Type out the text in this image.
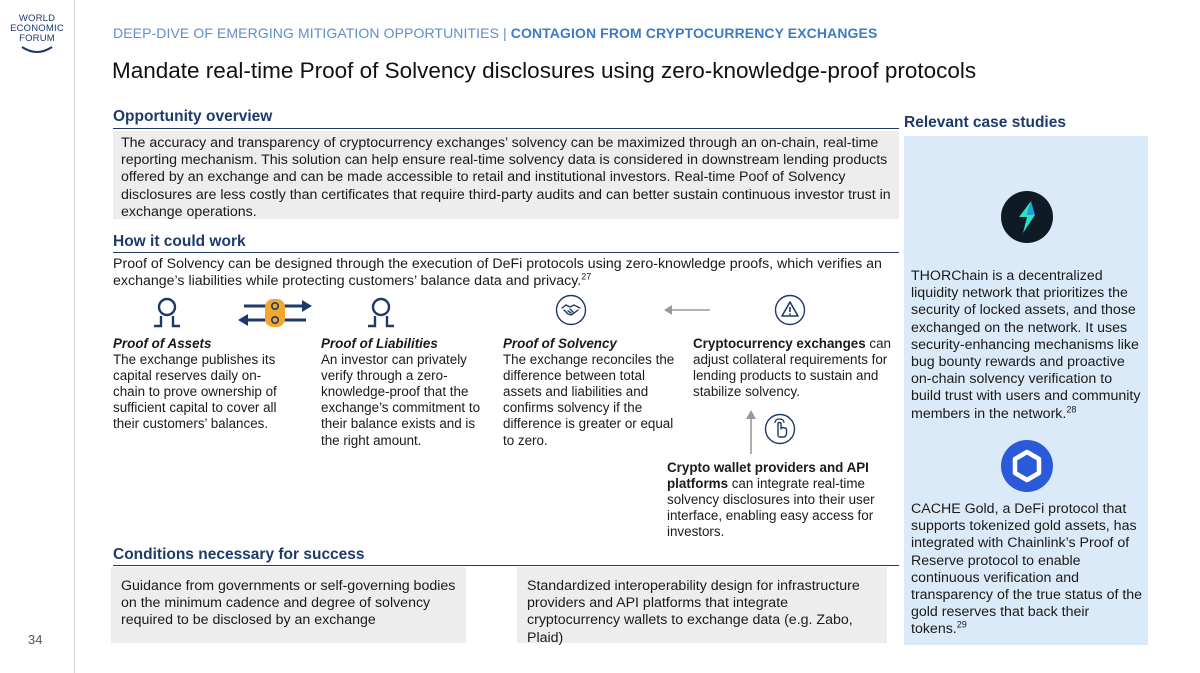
WORLD
ECONOMIC
FORUM
34
DEEP-DIVE OF EMERGING MITIGATION OPPORTUNITIES | CONTAGION FROM CRYPTOCURRENCY EXCHANGES
Mandate real-time Proof of Solvency disclosures using zero-knowledge-proof protocols
Opportunity overview
The accuracy and transparency of cryptocurrency exchanges’ solvency can be maximized through an on-chain, real-time reporting mechanism. This solution can help ensure real-time solvency data is considered in downstream lending products offered by an exchange and can be made accessible to retail and institutional investors. Real-time Poof of Solvency disclosures are less costly than certificates that require third-party audits and can better sustain continuous investor trust in exchange operations.
How it could work
Proof of Solvency can be designed through the execution of DeFi protocols using zero-knowledge proofs, which verifies an exchange’s liabilities while protecting customers’ balance data and privacy.$^{27}$
Proof of Assets
The exchange publishes its capital reserves daily on-chain to prove ownership of sufficient capital to cover all their customers’ balances.
Proof of Liabilities
An investor can privately verify through a zero-knowledge-proof that the exchange’s commitment to their balance exists and is the right amount.
Proof of Solvency
The exchange reconciles the difference between total assets and liabilities and confirms solvency if the difference is greater or equal to zero.
Cryptocurrency exchanges can adjust collateral requirements for lending products to sustain and stabilize solvency.
Crypto wallet providers and API platforms can integrate real-time solvency disclosures into their user interface, enabling easy access for investors.
Conditions necessary for success
Guidance from governments or self-governing bodies on the minimum cadence and degree of solvency required to be disclosed by an exchange
Standardized interoperability design for infrastructure providers and API platforms that integrate cryptocurrency wallets to exchange data (e.g. Zabo, Plaid)
Relevant case studies
THORChain is a decentralized liquidity network that prioritizes the security of locked assets, and those exchanged on the network. It uses security-enhancing mechanisms like bug bounty rewards and proactive on-chain solvency verification to build trust with users and community members in the network.$^{28}$
CACHE Gold, a DeFi protocol that supports tokenized gold assets, has integrated with Chainlink’s Proof of Reserve protocol to enable continuous verification and transparency of the true status of the gold reserves that back their tokens.$^{29}$
